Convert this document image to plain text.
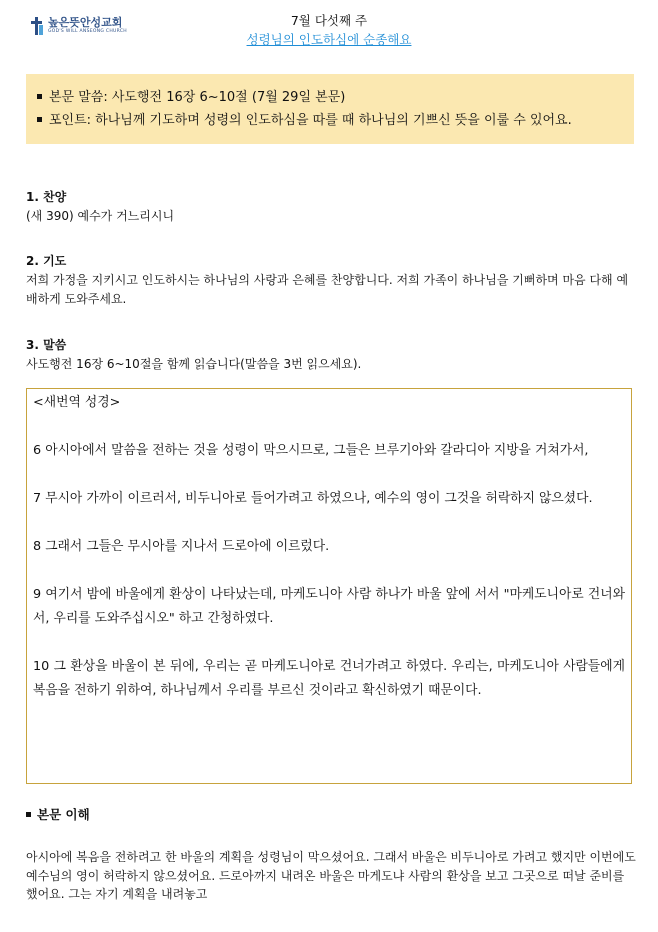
높은뜻안성교회
GOD'S WILL ANSEONG CHURCH
7월 다섯째 주
성령님의 인도하심에 순종해요
본문 말씀: 사도행전 16장 6~10절 (7월 29일 본문)
포인트: 하나님께 기도하며 성령의 인도하심을 따를 때 하나님의 기쁘신 뜻을 이룰 수 있어요.
1. 찬양

(새 390) 예수가 거느리시니

2. 기도

저희 가정을 지키시고 인도하시는 하나님의 사랑과 은혜를 찬양합니다. 저희 가족이 하나님을 기뻐하며 마음 다해 예배하게 도와주세요.

3. 말씀

사도행전 16장 6~10절을 함께 읽습니다(말씀을 3번 읽으세요).

<새번역 성경>

6 아시아에서 말씀을 전하는 것을 성령이 막으시므로, 그들은 브루기아와 갈라디아 지방을 거쳐가서,

7 무시아 가까이 이르러서, 비두니아로 들어가려고 하였으나, 예수의 영이 그것을 허락하지 않으셨다.

8 그래서 그들은 무시아를 지나서 드로아에 이르렀다.

9 여기서 밤에 바울에게 환상이 나타났는데, 마케도니아 사람 하나가 바울 앞에 서서 "마케도니아로 건너와서, 우리를 도와주십시오" 하고 간청하였다.

10 그 환상을 바울이 본 뒤에, 우리는 곧 마케도니아로 건너가려고 하였다. 우리는, 마케도니아 사람들에게 복음을 전하기 위하여, 하나님께서 우리를 부르신 것이라고 확신하였기 때문이다.

본문 이해

아시아에 복음을 전하려고 한 바울의 계획을 성령님이 막으셨어요. 그래서 바울은 비두니아로 가려고 했지만 이번에도 예수님의 영이 허락하지 않으셨어요. 드로아까지 내려온 바울은 마게도냐 사람의 환상을 보고 그곳으로 떠날 준비를 했어요. 그는 자기 계획을 내려놓고
